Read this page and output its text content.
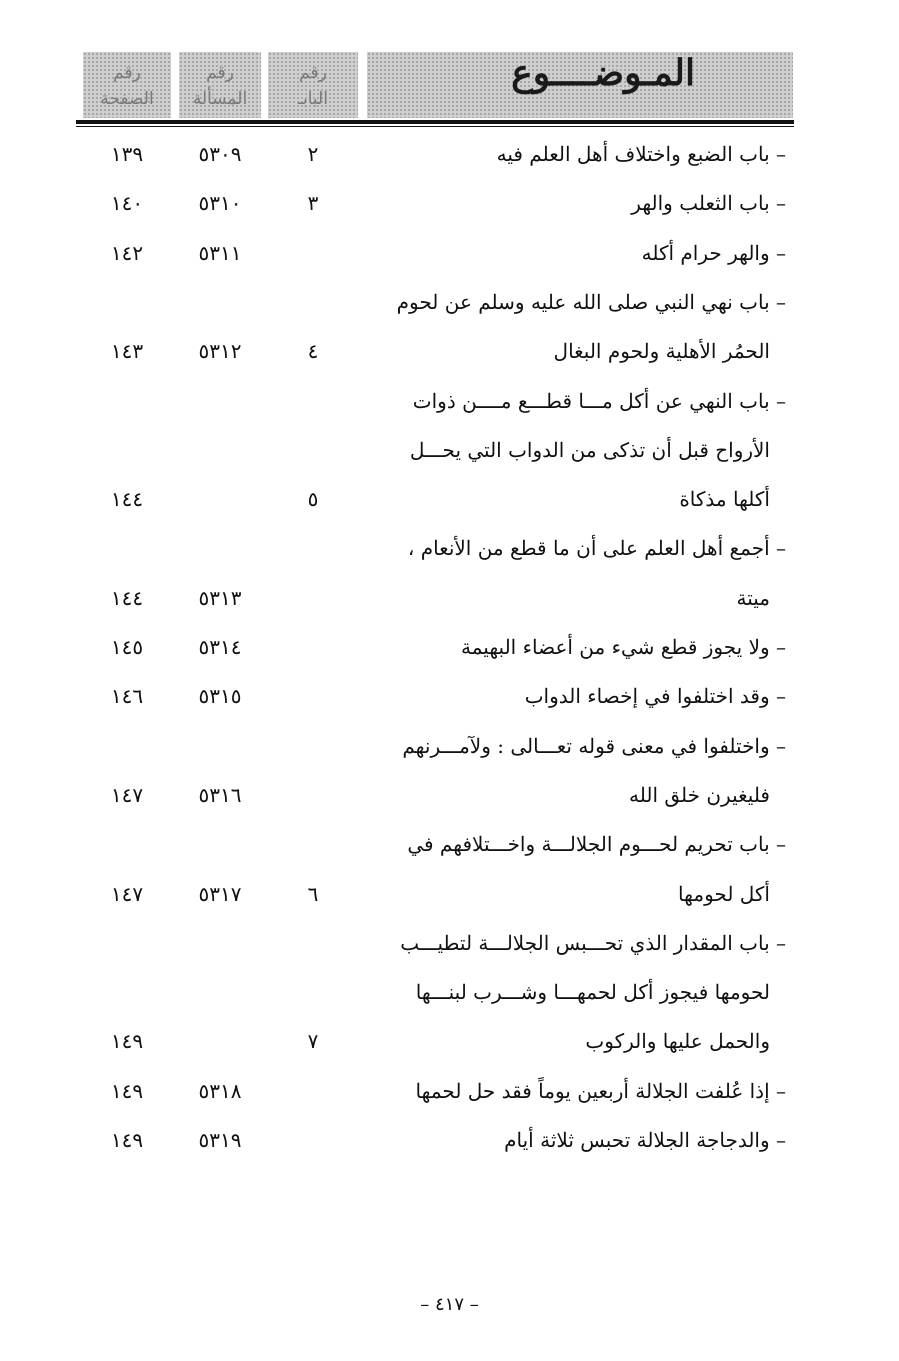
المـوضــــوع
رقم
البابـ
رقم
المسألة
رقم
الصفحة
– باب الضبع واختلاف أهل العلم فيه
٢
٥٣٠٩
١٣٩
– باب الثعلب والهر
٣
٥٣١٠
١٤٠
– والهر حرام أكله
٥٣١١
١٤٢
– باب نهي النبي صلى الله عليه وسلم عن لحوم
الحمُر الأهلية ولحوم البغال
٤
٥٣١٢
١٤٣
– باب النهي عن أكل مـــا قطـــع مــــن ذوات
الأرواح قبل أن تذكى من الدواب التي يحـــل
أكلها مذكاة
٥
١٤٤
– أجمع أهل العلم على أن ما قطع من الأنعام ،
ميتة
٥٣١٣
١٤٤
– ولا يجوز قطع شيء من أعضاء البهيمة
٥٣١٤
١٤٥
– وقد اختلفوا في إخصاء الدواب
٥٣١٥
١٤٦
– واختلفوا في معنى قوله تعـــالى : ولآمـــرنهم
فليغيرن خلق الله
٥٣١٦
١٤٧
– باب تحريم لحـــوم الجلالـــة واخـــتلافهم في
أكل لحومها
٦
٥٣١٧
١٤٧
– باب المقدار الذي تحـــبس الجلالـــة لتطيـــب
لحومها فيجوز أكل لحمهـــا وشـــرب لبنـــها
والحمل عليها والركوب
٧
١٤٩
– إذا عُلفت الجلالة أربعين يوماً فقد حل لحمها
٥٣١٨
١٤٩
– والدجاجة الجلالة تحبس ثلاثة أيام
٥٣١٩
١٤٩
– ٤١٧ –
